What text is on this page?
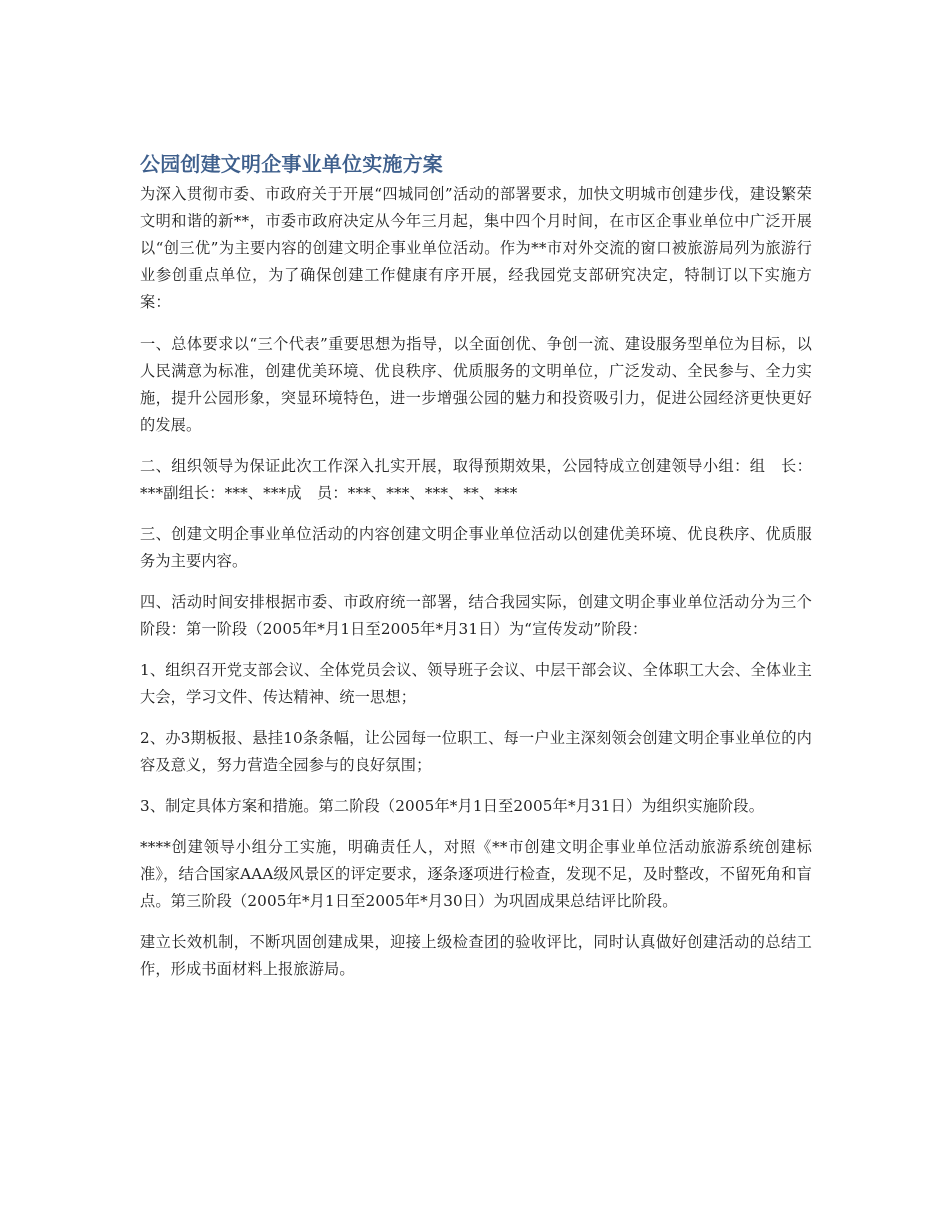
公园创建文明企事业单位实施方案

为深入贯彻市委、市政府关于开展“四城同创”活动的部署要求，加快文明城市创建步伐，建设繁荣文明和谐的新**，市委市政府决定从今年三月起，集中四个月时间，在市区企事业单位中广泛开展以“创三优”为主要内容的创建文明企事业单位活动。作为**市对外交流的窗口被旅游局列为旅游行业参创重点单位，为了确保创建工作健康有序开展，经我园党支部研究决定，特制订以下实施方案：

一、总体要求以“三个代表”重要思想为指导，以全面创优、争创一流、建设服务型单位为目标，以人民满意为标准，创建优美环境、优良秩序、优质服务的文明单位，广泛发动、全民参与、全力实施，提升公园形象，突显环境特色，进一步增强公园的魅力和投资吸引力，促进公园经济更快更好的发展。

二、组织领导为保证此次工作深入扎实开展，取得预期效果，公园特成立创建领导小组：组　长：***副组长：***、***成　员：***、***、***、**、***

三、创建文明企事业单位活动的内容创建文明企事业单位活动以创建优美环境、优良秩序、优质服务为主要内容。

四、活动时间安排根据市委、市政府统一部署，结合我园实际，创建文明企事业单位活动分为三个阶段：第一阶段（2005年*月1日至2005年*月31日）为“宣传发动”阶段：

1、组织召开党支部会议、全体党员会议、领导班子会议、中层干部会议、全体职工大会、全体业主大会，学习文件、传达精神、统一思想；

2、办3期板报、悬挂10条条幅，让公园每一位职工、每一户业主深刻领会创建文明企事业单位的内容及意义，努力营造全园参与的良好氛围；

3、制定具体方案和措施。第二阶段（2005年*月1日至2005年*月31日）为组织实施阶段。

****创建领导小组分工实施，明确责任人，对照《**市创建文明企事业单位活动旅游系统创建标准》，结合国家AAA级风景区的评定要求，逐条逐项进行检查，发现不足，及时整改，不留死角和盲点。第三阶段（2005年*月1日至2005年*月30日）为巩固成果总结评比阶段。

建立长效机制，不断巩固创建成果，迎接上级检查团的验收评比，同时认真做好创建活动的总结工作，形成书面材料上报旅游局。
